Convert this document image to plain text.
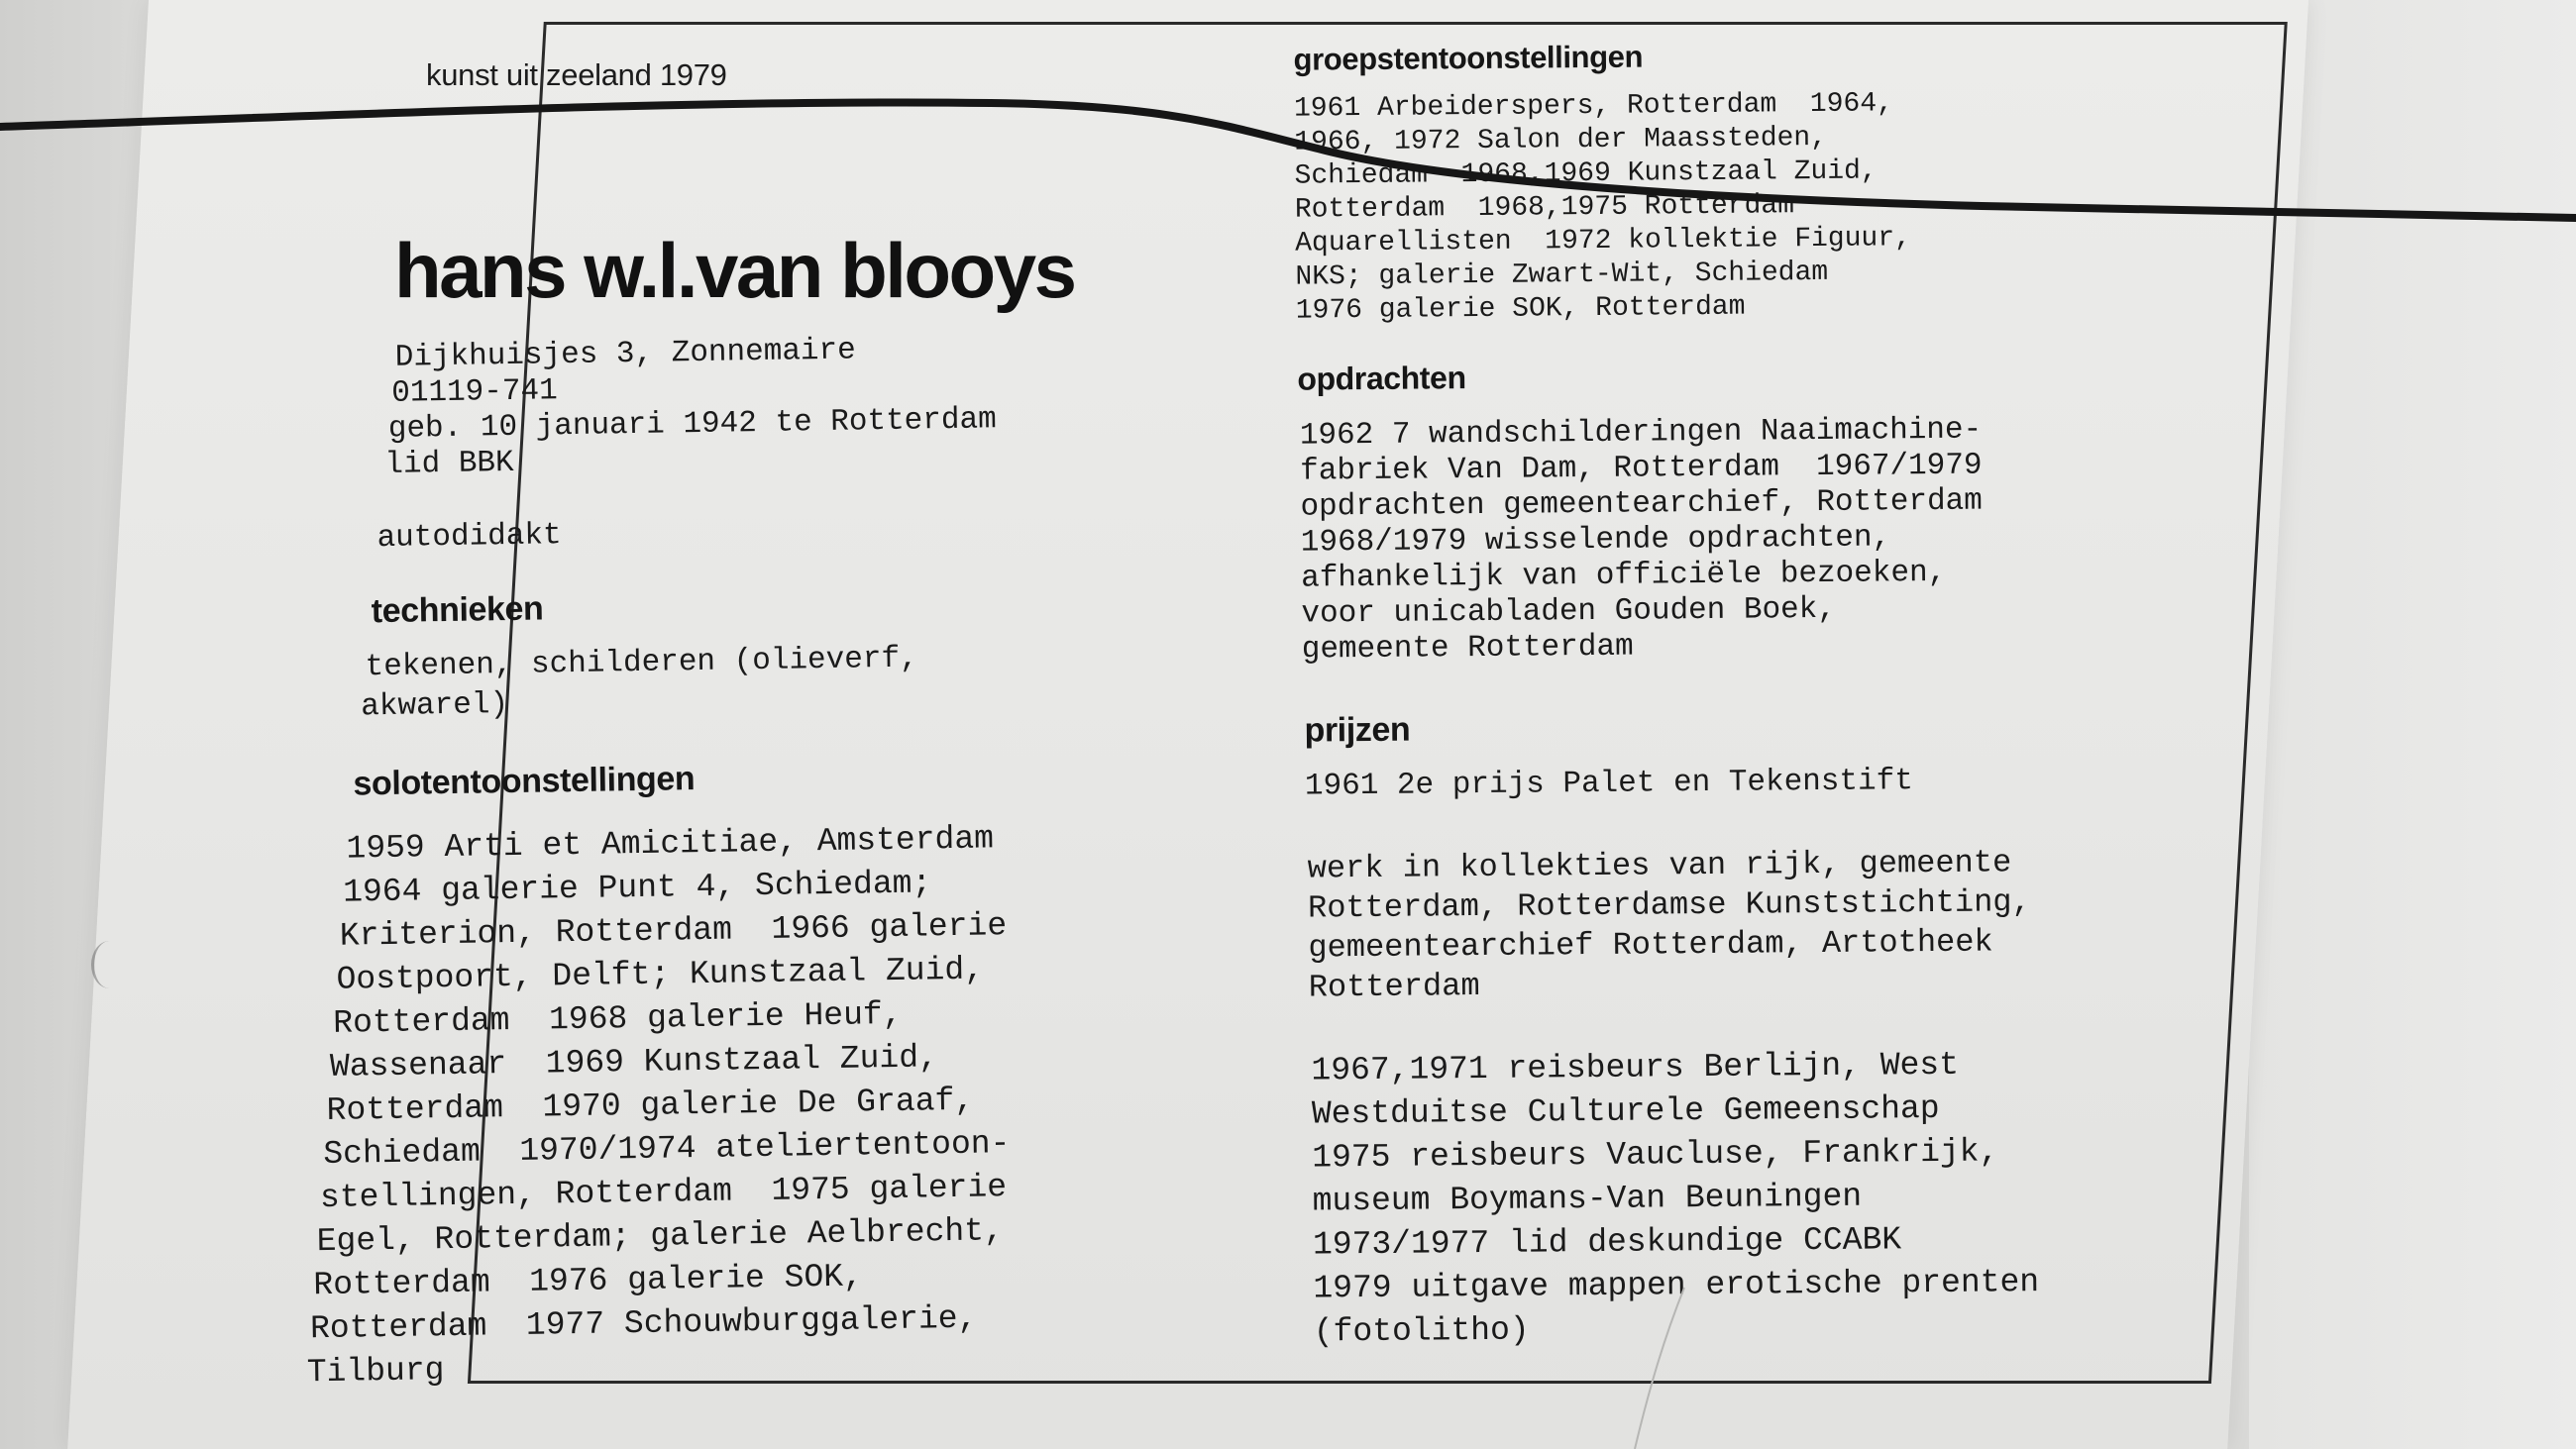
kunst uit zeeland 1979
hans w.l.van blooys
Dijkhuisjes 3, Zonnemaire
01119-741
geb. 10 januari 1942 te Rotterdam
lid BBK
autodidakt
technieken
tekenen, schilderen (olieverf,
akwarel)
solotentoonstellingen
1959 Arti et Amicitiae, Amsterdam
1964 galerie Punt 4, Schiedam;
Kriterion, Rotterdam  1966 galerie
Oostpoort, Delft; Kunstzaal Zuid,
Rotterdam  1968 galerie Heuf,
Wassenaar  1969 Kunstzaal Zuid,
Rotterdam  1970 galerie De Graaf,
Schiedam  1970/1974 ateliertentoon-
stellingen, Rotterdam  1975 galerie
Egel, Rotterdam; galerie Aelbrecht,
Rotterdam  1976 galerie SOK,
Rotterdam  1977 Schouwburggalerie,
Tilburg
groepstentoonstellingen
1961 Arbeiderspers, Rotterdam  1964,
1966, 1972 Salon der Maassteden,
Schiedam  1968,1969 Kunstzaal Zuid,
Rotterdam  1968,1975 Rotterdam
Aquarellisten  1972 kollektie Figuur,
NKS; galerie Zwart-Wit, Schiedam
1976 galerie SOK, Rotterdam
opdrachten
1962 7 wandschilderingen Naaimachine-
fabriek Van Dam, Rotterdam  1967/1979
opdrachten gemeentearchief, Rotterdam
1968/1979 wisselende opdrachten,
afhankelijk van officiële bezoeken,
voor unicabladen Gouden Boek,
gemeente Rotterdam
prijzen
1961 2e prijs Palet en Tekenstift
werk in kollekties van rijk, gemeente
Rotterdam, Rotterdamse Kunststichting,
gemeentearchief Rotterdam, Artotheek
Rotterdam
1967,1971 reisbeurs Berlijn, West
Westduitse Culturele Gemeenschap
1975 reisbeurs Vaucluse, Frankrijk,
museum Boymans-Van Beuningen
1973/1977 lid deskundige CCABK
1979 uitgave mappen erotische prenten
(fotolitho)
